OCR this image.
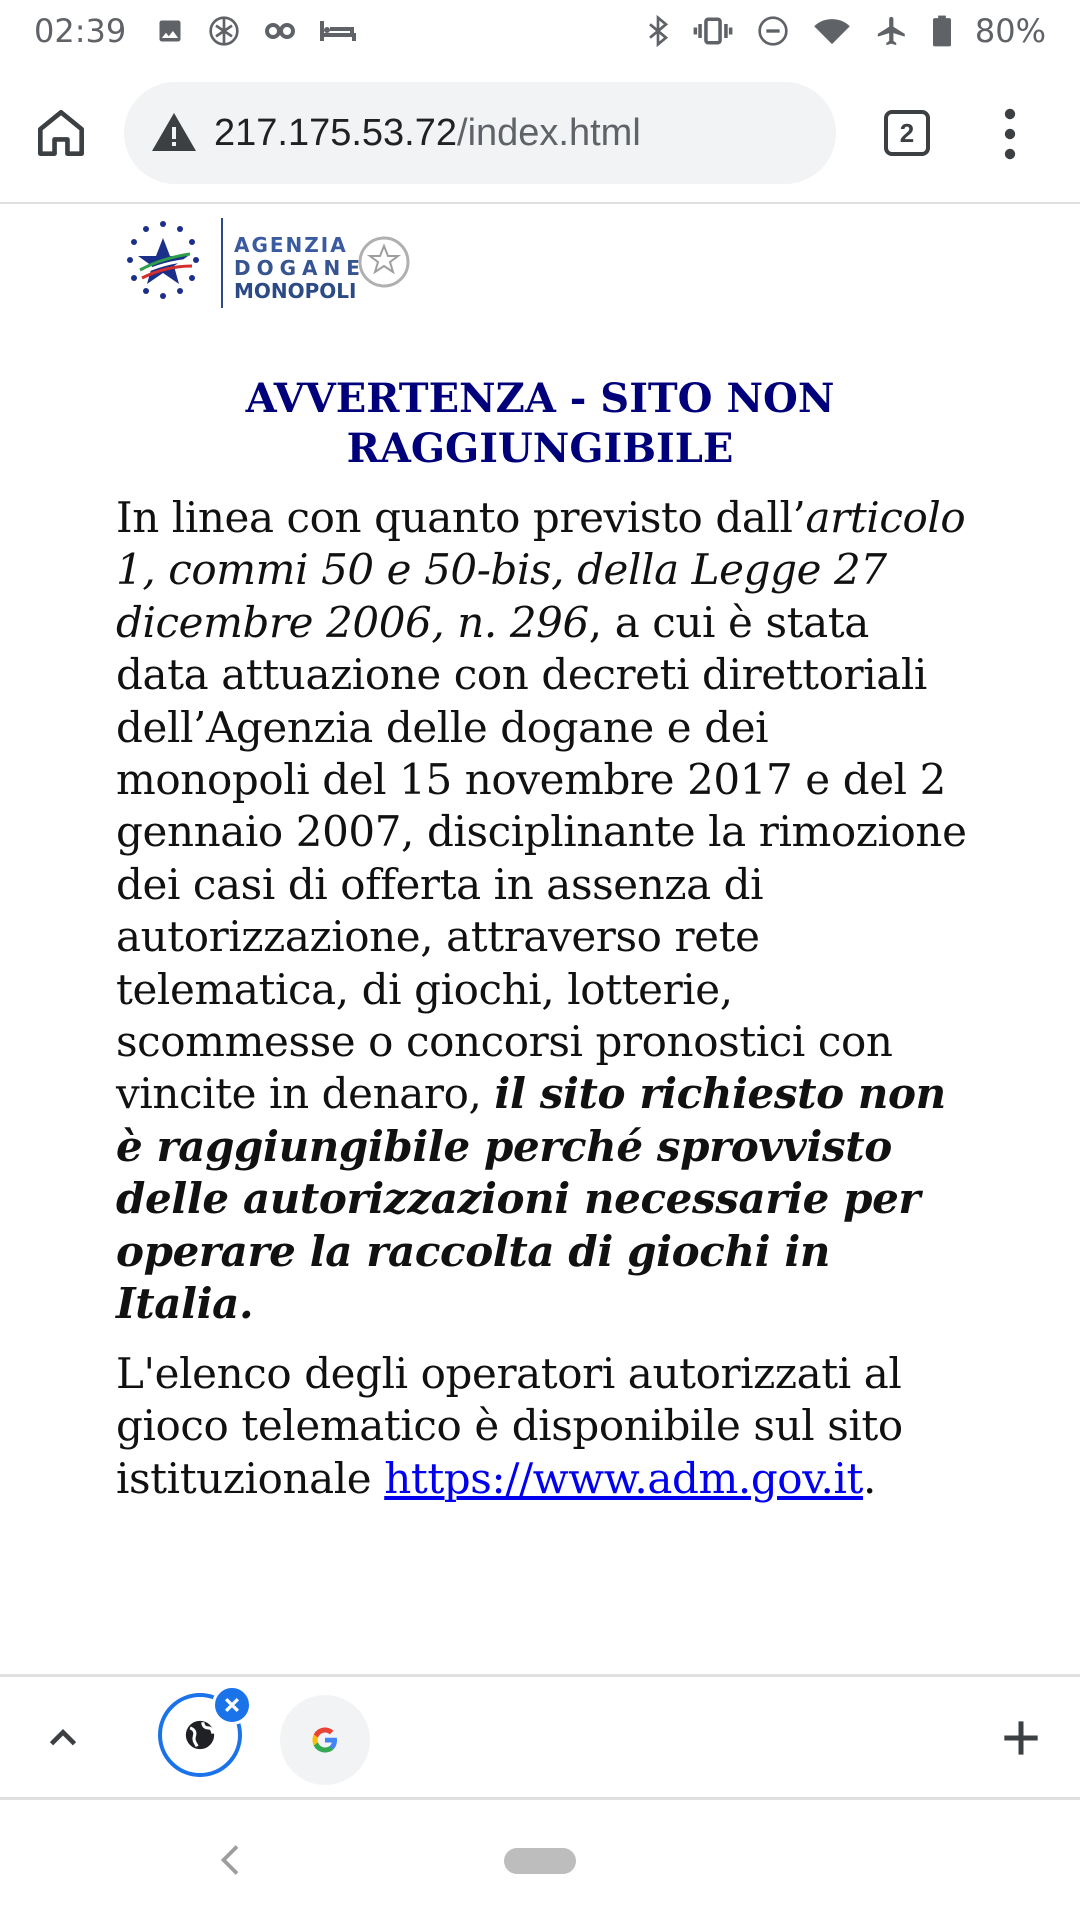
02:39	80%
217.175.53.72/index.html	2
AGENZIA
DOGANE
MONOPOLI
AVVERTENZA - SITO NON RAGGIUNGIBILE

In linea con quanto previsto dall’articolo 1, commi 50 e 50-bis, della Legge 27 dicembre 2006, n. 296, a cui è stata data attuazione con decreti direttoriali dell’Agenzia delle dogane e dei monopoli del 15 novembre 2017 e del 2 gennaio 2007, disciplinante la rimozione dei casi di offerta in assenza di autorizzazione, attraverso rete telematica, di giochi, lotterie, scommesse o concorsi pronostici con vincite in denaro, il sito richiesto non è raggiungibile perché sprovvisto delle autorizzazioni necessarie per operare la raccolta di giochi in Italia.

L'elenco degli operatori autorizzati al gioco telematico è disponibile sul sito istituzionale https://www.adm.gov.it.
